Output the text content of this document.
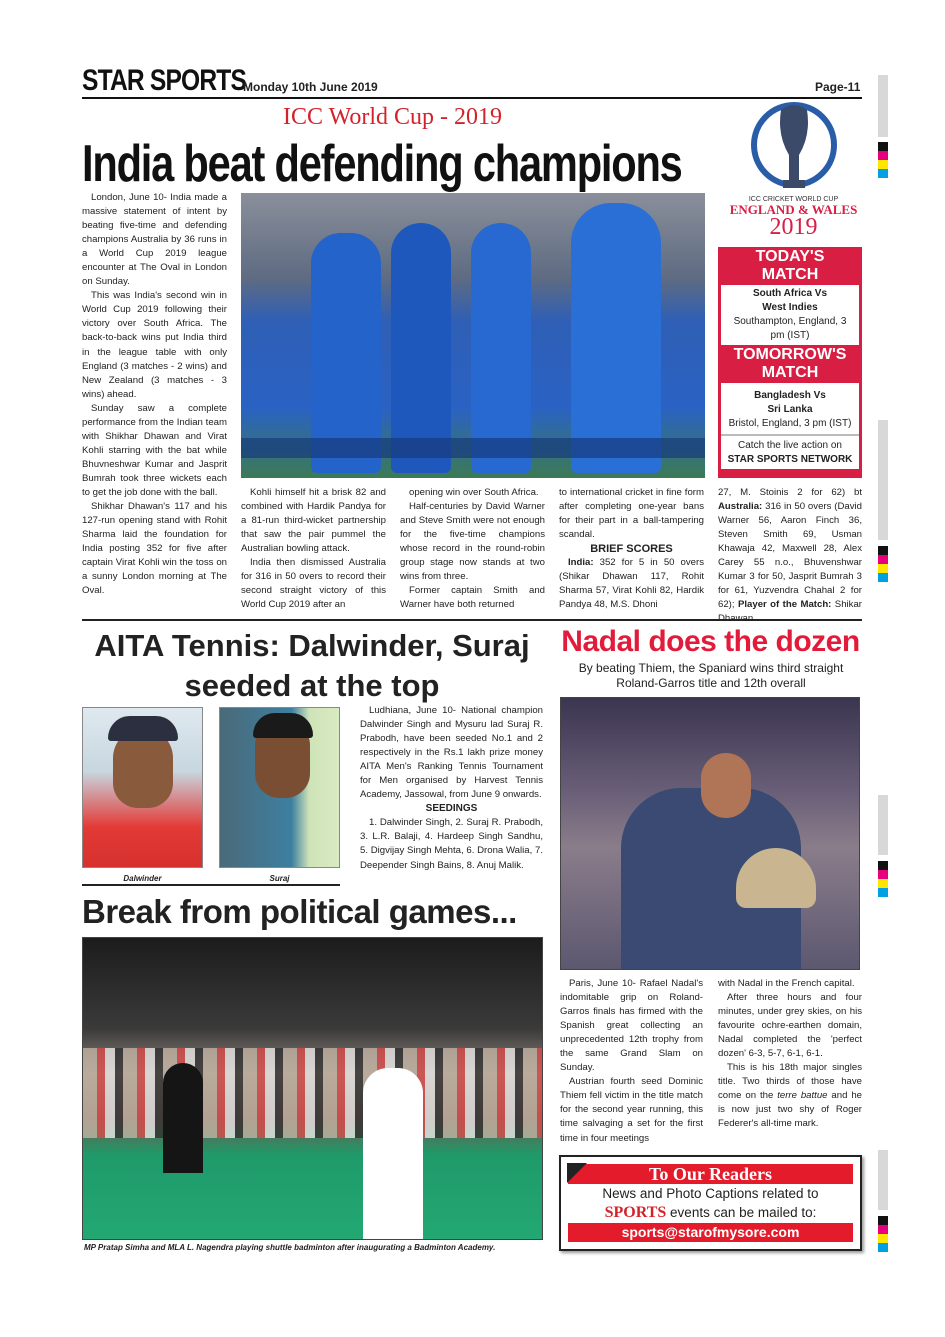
STAR SPORTS
Monday 10th June 2019	Page-11
ICC World Cup - 2019
India beat defending champions
ICC CRICKET WORLD CUP
ENGLAND & WALES
2019

London, June 10- India made a massive statement of intent by beating five-time and defending champions Australia by 36 runs in a World Cup 2019 league encounter at The Oval in London on Sunday.

This was India's second win in World Cup 2019 following their victory over South Africa. The back-to-back wins put India third in the league table with only England (3 matches - 2 wins) and New Zealand (3 matches - 3 wins) ahead.

Sunday saw a complete performance from the Indian team with Shikhar Dhawan and Virat Kohli starring with the bat while Bhuvneshwar Kumar and Jasprit Bumrah took three wickets each to get the job done with the ball.

Shikhar Dhawan's 117 and his 127-run opening stand with Rohit Sharma laid the foundation for India posting 352 for five after captain Virat Kohli win the toss on a sunny London morning at The Oval.

Kohli himself hit a brisk 82 and combined with Hardik Pandya for a 81-run third-wicket partnership that saw the pair pummel the Australian bowling attack.

India then dismissed Australia for 316 in 50 overs to record their second straight victory of this World Cup 2019 after an

opening win over South Africa.

Half-centuries by David Warner and Steve Smith were not enough for the five-time champions whose record in the round-robin group stage now stands at two wins from three.

Former captain Smith and Warner have both returned

to international cricket in fine form after completing one-year bans for their part in a ball-tampering scandal.

BRIEF SCORES

India: 352 for 5 in 50 overs (Shikar Dhawan 117, Rohit Sharma 57, Virat Kohli 82, Hardik Pandya 48, M.S. Dhoni

27, M. Stoinis 2 for 62) bt Australia: 316 in 50 overs (David Warner 56, Aaron Finch 36, Steven Smith 69, Usman Khawaja 42, Maxwell 28, Alex Carey 55 n.o., Bhuvenshwar Kumar 3 for 50, Jasprit Bumrah 3 for 61, Yuzvendra Chahal 2 for 62); Player of the Match: Shikar

TODAY'S MATCH
South Africa Vs
West Indies
Southampton, England, 3 pm (IST)
TOMORROW'S MATCH
Bangladesh Vs
Sri Lanka
Bristol, England, 3 pm (IST)
Catch the live action on
STAR SPORTS NETWORK
AITA Tennis: Dalwinder, Suraj seeded at the top
Dalwinder	Suraj

Ludhiana, June 10- National champion Dalwinder Singh and Mysuru lad Suraj R. Prabodh, have been seeded No.1 and 2 respectively in the Rs.1 lakh prize money AITA Men's Ranking Tennis Tournament for Men organised by Harvest Tennis Academy, Jassowal, from June 9 onwards.

SEEDINGS

1. Dalwinder Singh, 2. Suraj R. Prabodh, 3. L.R. Balaji, 4. Hardeep Singh Sandhu, 5. Digvijay Singh Mehta, 6. Drona Walia, 7. Deepender Singh Bains, 8. Anuj Malik.

Nadal does the dozen
By beating Thiem, the Spaniard wins third straight Roland-Garros title and 12th overall

Paris, June 10- Rafael Nadal's indomitable grip on Roland-Garros finals has firmed with the Spanish great collecting an unprecedented 12th trophy from the same Grand Slam on Sunday.

Austrian fourth seed Dominic Thiem fell victim in the title match for the second year running, this time salvaging a set for the first time in four meetings

with Nadal in the French capital.

After three hours and four minutes, under grey skies, on his favourite ochre-earthen domain, Nadal completed the 'perfect dozen' 6-3, 5-7, 6-1, 6-1.

This is his 18th major singles title. Two thirds of those have come on the terre battue and he is now just two shy of Roger Federer's all-time mark.

Break from political games...
MP Pratap Simha and MLA L. Nagendra playing shuttle badminton after inaugurating a Badminton Academy.
To Our Readers
News and Photo Captions related to
SPORTS events can be mailed to:
sports@starofmysore.com
